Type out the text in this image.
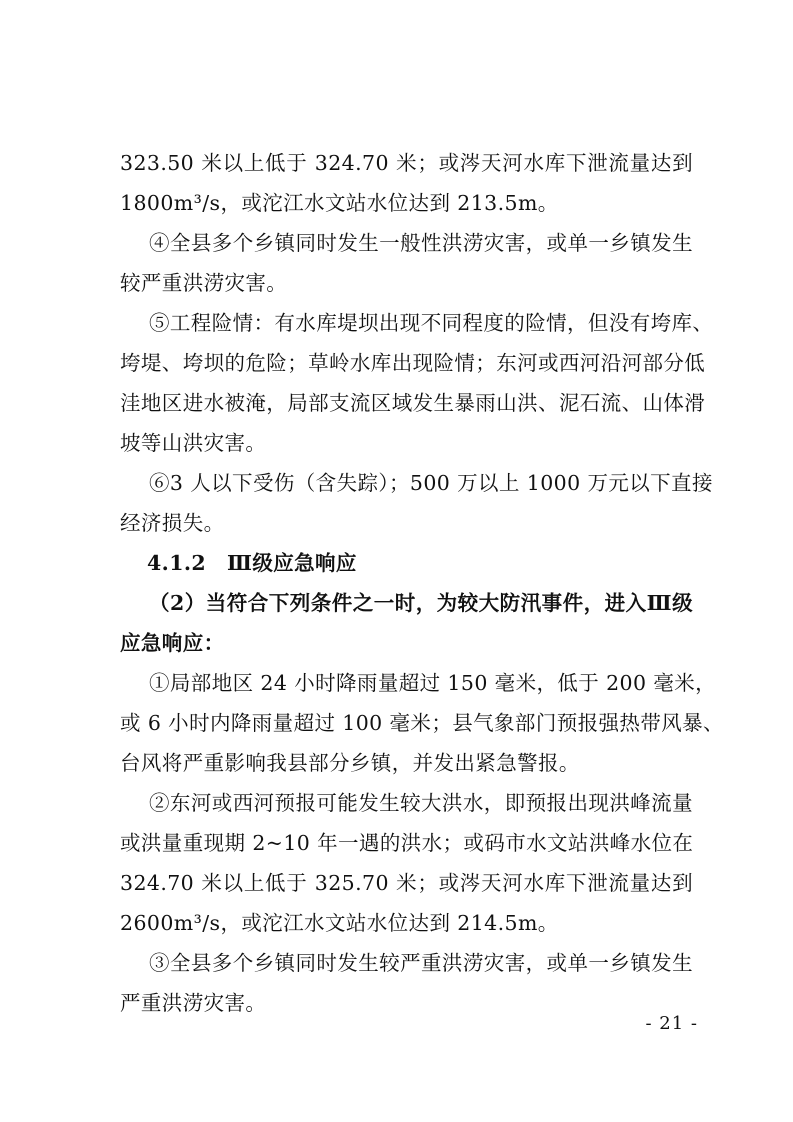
323.50 米以上低于 324.70 米；或涔天河水库下泄流量达到

1800m³/s，或沱江水文站水位达到 213.5m。

④全县多个乡镇同时发生一般性洪涝灾害，或单一乡镇发生

较严重洪涝灾害。

⑤工程险情：有水库堤坝出现不同程度的险情，但没有垮库、

垮堤、垮坝的危险；草岭水库出现险情；东河或西河沿河部分低

洼地区进水被淹，局部支流区域发生暴雨山洪、泥石流、山体滑

坡等山洪灾害。

⑥3 人以下受伤（含失踪）；500 万以上 1000 万元以下直接

经济损失。

4.1.2　Ⅲ级应急响应

（2）当符合下列条件之一时，为较大防汛事件，进入Ⅲ级

应急响应：

①局部地区 24 小时降雨量超过 150 毫米，低于 200 毫米，

或 6 小时内降雨量超过 100 毫米；县气象部门预报强热带风暴、

台风将严重影响我县部分乡镇，并发出紧急警报。

②东河或西河预报可能发生较大洪水，即预报出现洪峰流量

或洪量重现期 2~10 年一遇的洪水；或码市水文站洪峰水位在

324.70 米以上低于 325.70 米；或涔天河水库下泄流量达到

2600m³/s，或沱江水文站水位达到 214.5m。

③全县多个乡镇同时发生较严重洪涝灾害，或单一乡镇发生

严重洪涝灾害。

- 21 -
